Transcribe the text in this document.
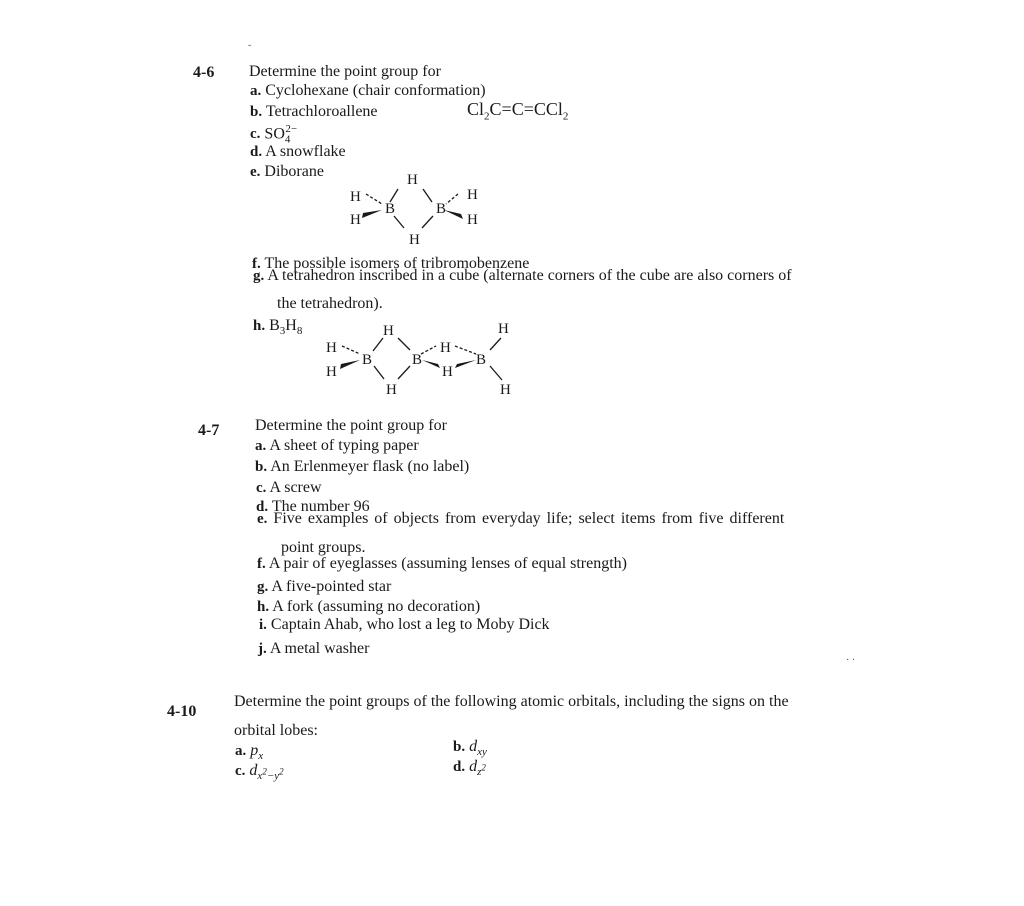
˘
4-6 Determine the point group for
a. Cyclohexane (chair conformation)
b. Tetrachloroallene	$Cl_2C=C=CCl_2$
c. $SO_4^{2-}$
d. A snowflake
e. Diborane	H
H
B	B
H
H	H
H
f. The possible isomers of tribromobenzene
g. A tetrahedron inscribed in a cube (alternate corners of the cube are also corners of
the tetrahedron).
h. $B_3H_8$	H	H
H	H
B	B	B
H	H
H	H
4-7 Determine the point group for
a. A sheet of typing paper
b. An Erlenmeyer flask (no label)
c. A screw
d. The number 96
e. Five examples of objects from everyday life; select items from five different
point groups.
f. A pair of eyeglasses (assuming lenses of equal strength)
g. A five-pointed star
h. A fork (assuming no decoration)
i. Captain Ahab, who lost a leg to Moby Dick
j. A metal washer
· ·
4-10
Determine the point groups of the following atomic orbitals, including the signs on the
orbital lobes:
a. $p_x$
b. $d_{xy}$
c. $d_{x^2-y^2}$	d. $d_{z^2}$
